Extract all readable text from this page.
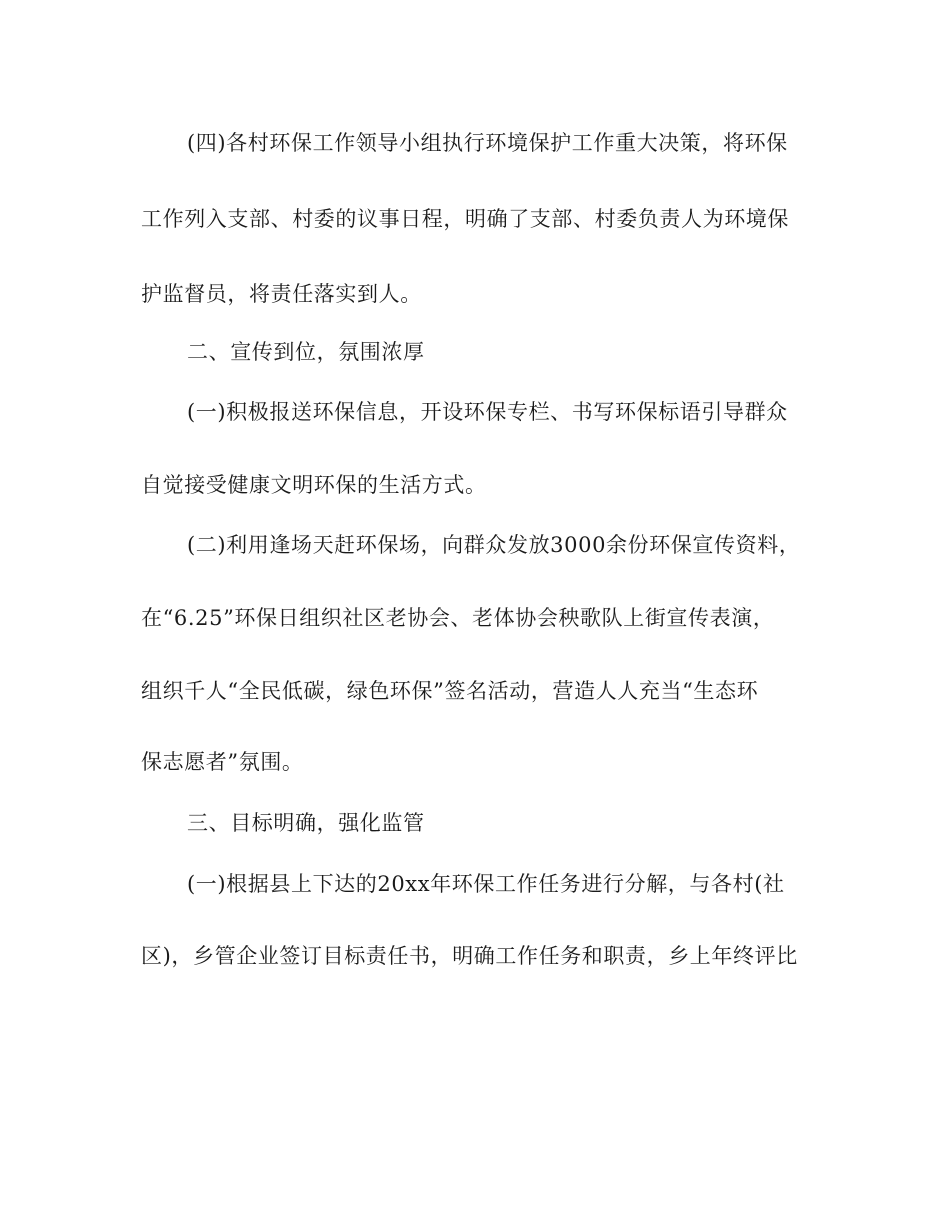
(四)各村环保工作领导小组执行环境保护工作重大决策，将环保
工作列入支部、村委的议事日程，明确了支部、村委负责人为环境保
护监督员，将责任落实到人。
二、宣传到位，氛围浓厚
(一)积极报送环保信息，开设环保专栏、书写环保标语引导群众
自觉接受健康文明环保的生活方式。
(二)利用逢场天赶环保场，向群众发放3000余份环保宣传资料，
在“6.25”环保日组织社区老协会、老体协会秧歌队上街宣传表演，
组织千人“全民低碳，绿色环保”签名活动，营造人人充当“生态环
保志愿者”氛围。
三、目标明确，强化监管
(一)根据县上下达的20xx年环保工作任务进行分解，与各村(社
区)，乡管企业签订目标责任书，明确工作任务和职责，乡上年终评比
